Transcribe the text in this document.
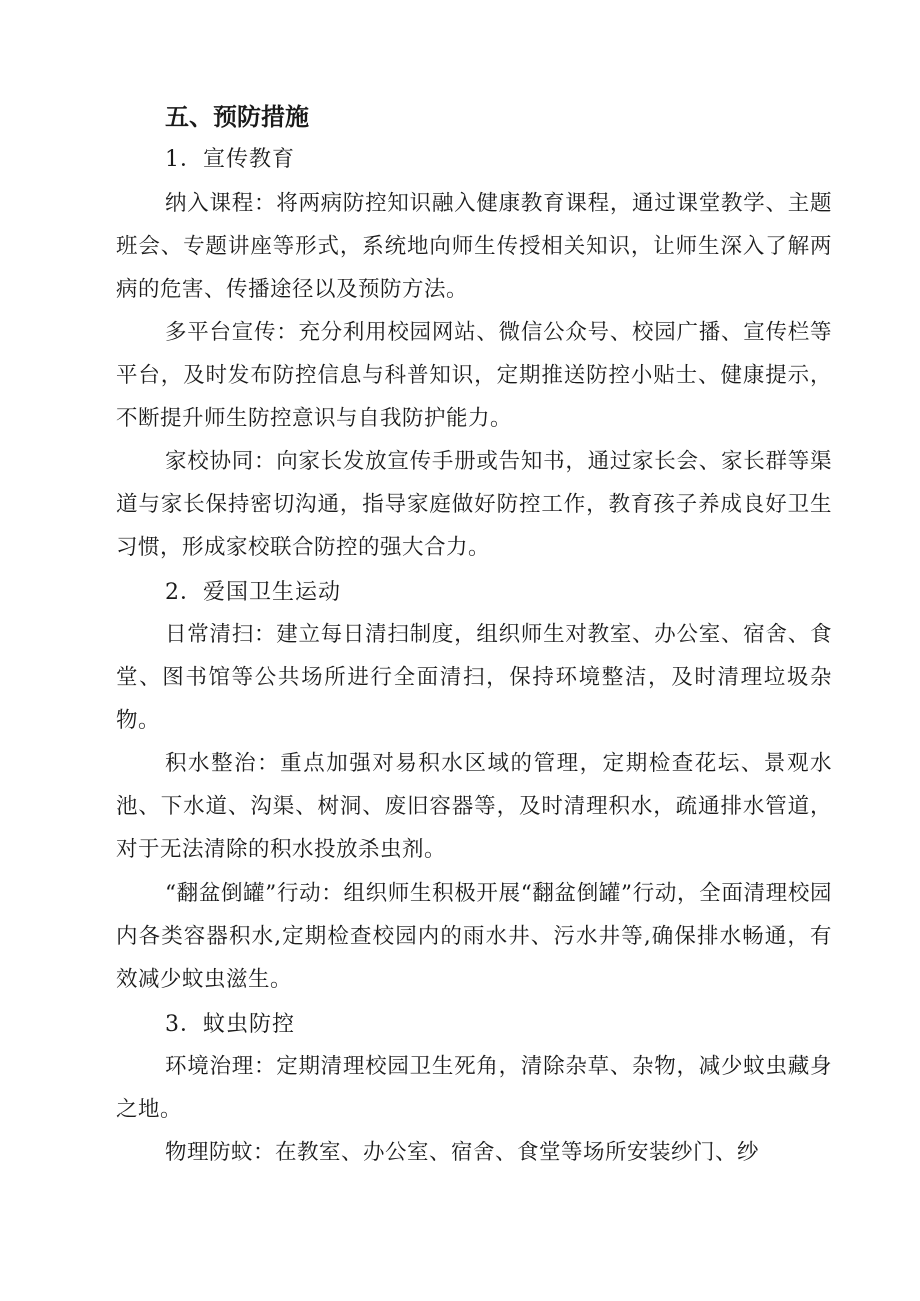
五、预防措施

1．宣传教育

纳入课程：将两病防控知识融入健康教育课程，通过课堂教学、主题班会、专题讲座等形式，系统地向师生传授相关知识，让师生深入了解两病的危害、传播途径以及预防方法。

多平台宣传：充分利用校园网站、微信公众号、校园广播、宣传栏等平台，及时发布防控信息与科普知识，定期推送防控小贴士、健康提示，不断提升师生防控意识与自我防护能力。

家校协同：向家长发放宣传手册或告知书，通过家长会、家长群等渠道与家长保持密切沟通，指导家庭做好防控工作，教育孩子养成良好卫生习惯，形成家校联合防控的强大合力。

2．爱国卫生运动

日常清扫：建立每日清扫制度，组织师生对教室、办公室、宿舍、食堂、图书馆等公共场所进行全面清扫，保持环境整洁，及时清理垃圾杂物。

积水整治：重点加强对易积水区域的管理，定期检查花坛、景观水池、下水道、沟渠、树洞、废旧容器等，及时清理积水，疏通排水管道，对于无法清除的积水投放杀虫剂。

“翻盆倒罐”行动：组织师生积极开展“翻盆倒罐”行动，全面清理校园内各类容器积水,定期检查校园内的雨水井、污水井等,确保排水畅通，有效减少蚊虫滋生。

3．蚊虫防控

环境治理：定期清理校园卫生死角，清除杂草、杂物，减少蚊虫藏身之地。

物理防蚊：在教室、办公室、宿舍、食堂等场所安装纱门、纱
